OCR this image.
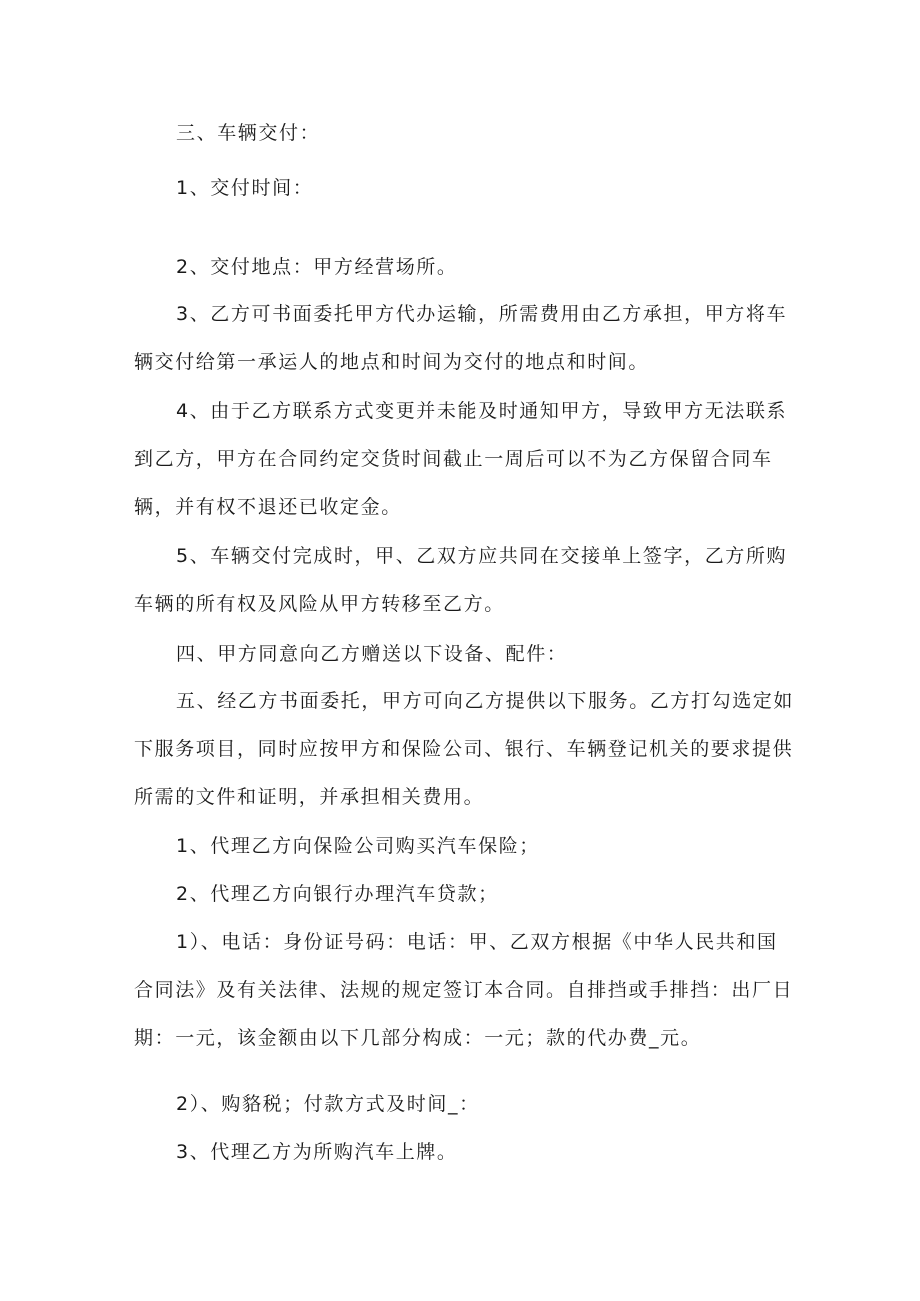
三、车辆交付：

1、交付时间：

2、交付地点：甲方经营场所。

3、乙方可书面委托甲方代办运输，所需费用由乙方承担，甲方将车辆交付给第一承运人的地点和时间为交付的地点和时间。

4、由于乙方联系方式变更并未能及时通知甲方，导致甲方无法联系到乙方，甲方在合同约定交货时间截止一周后可以不为乙方保留合同车辆，并有权不退还已收定金。

5、车辆交付完成时，甲、乙双方应共同在交接单上签字，乙方所购车辆的所有权及风险从甲方转移至乙方。

四、甲方同意向乙方赠送以下设备、配件：

五、经乙方书面委托，甲方可向乙方提供以下服务。乙方打勾选定如下服务项目，同时应按甲方和保险公司、银行、车辆登记机关的要求提供所需的文件和证明，并承担相关费用。

1、代理乙方向保险公司购买汽车保险；

2、代理乙方向银行办理汽车贷款；

1）、电话：身份证号码：电话：甲、乙双方根据《中华人民共和国合同法》及有关法律、法规的规定签订本合同。自排挡或手排挡：出厂日期：一元，该金额由以下几部分构成：一元；款的代办费_元。

2）、购貉税；付款方式及时间_：

3、代理乙方为所购汽车上牌。
